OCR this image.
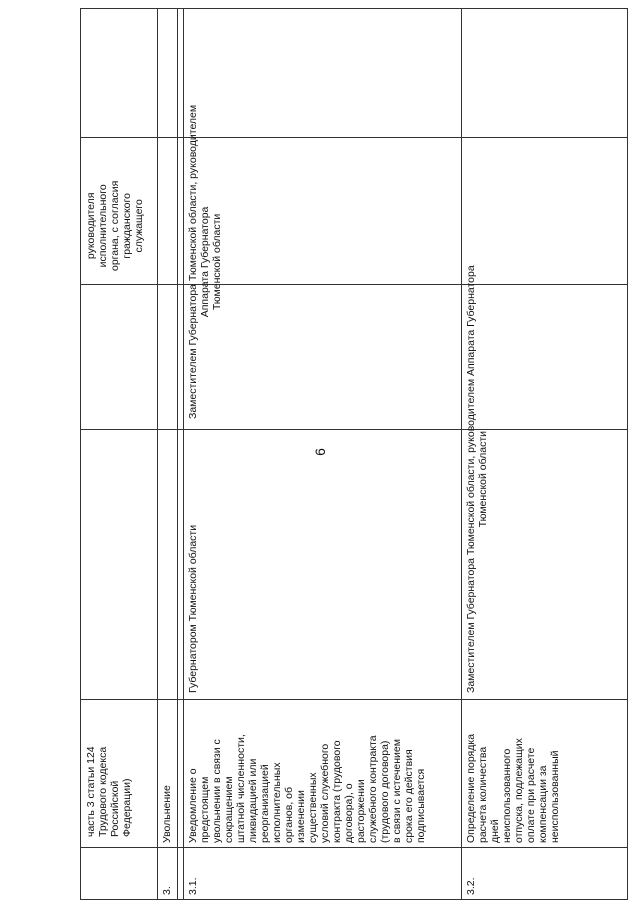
6
часть 3 статьи 124
Трудового кодекса
Российской
Федерации)
руководителя
исполнительного
органа, с согласия
гражданского
служащего
3.
Увольнение
3.1.
Уведомление о
предстоящем
увольнении в связи с
сокращением
штатной численности,
ликвидацией или
реорганизацией
исполнительных
органов, об
изменении
существенных
условий служебного
контракта (трудового
договора), о
расторжении
служебного контракта
(трудового договора)
в связи с истечением
срока его действия
подписывается
Губернатором Тюменской области
Заместителем Губернатора Тюменской области, руководителем
Аппарата Губернатора
Тюменской области
3.2.
Определение порядка
расчета количества
дней
неиспользованного
отпуска, подлежащих
оплате при расчете
компенсации за
неиспользованный
Заместителем Губернатора Тюменской области, руководителем Аппарата Губернатора
Тюменской области
